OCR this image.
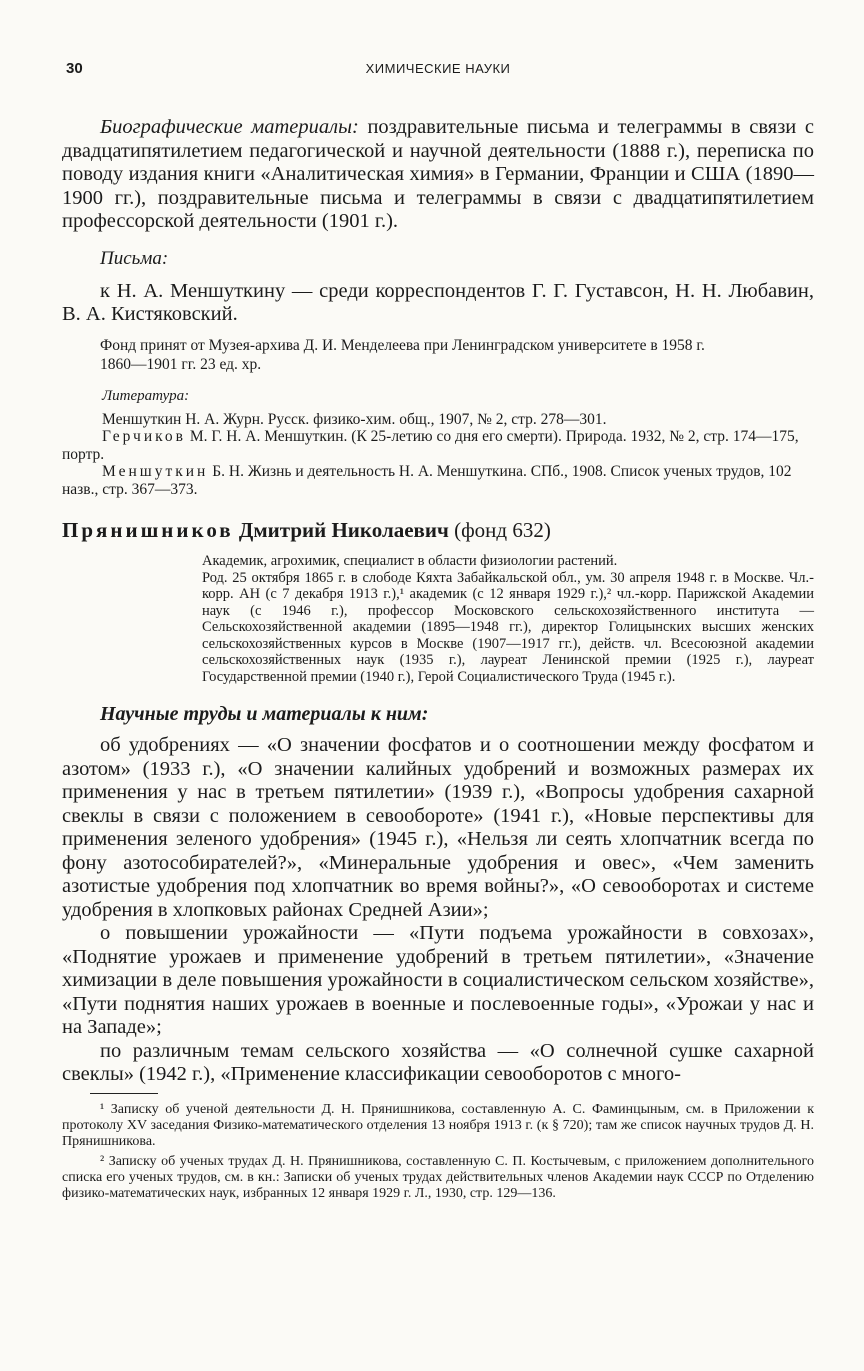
30	ХИМИЧЕСКИЕ НАУКИ

Биографические материалы: поздравительные письма и телеграммы в связи с двадцатипятилетием педагогической и научной деятельности (1888 г.), переписка по поводу издания книги «Аналитическая химия» в Германии, Франции и США (1890—1900 гг.), поздравительные письма и телеграммы в связи с двадцатипятилетием профессорской деятельности (1901 г.).

Письма:

к Н. А. Меншуткину — среди корреспондентов Г. Г. Густавсон, Н. Н. Любавин, В. А. Кистяковский.

Фонд принят от Музея-архива Д. И. Менделеева при Ленинградском университете в 1958 г.

1860—1901 гг. 23 ед. хр.

Литература:

Меншуткин Н. А. Журн. Русск. физико-хим. общ., 1907, № 2, стр. 278—301.

Герчиков М. Г. Н. А. Меншуткин. (К 25-летию со дня его смерти). Природа. 1932, № 2, стр. 174—175, портр.

Меншуткин Б. Н. Жизнь и деятельность Н. А. Меншуткина. СПб., 1908. Список ученых трудов, 102 назв., стр. 367—373.

Прянишников Дмитрий Николаевич (фонд 632)

Академик, агрохимик, специалист в области физиологии растений.

Род. 25 октября 1865 г. в слободе Кяхта Забайкальской обл., ум. 30 апреля 1948 г. в Москве. Чл.-корр. АН (с 7 декабря 1913 г.),¹ академик (с 12 января 1929 г.),² чл.-корр. Парижской Академии наук (с 1946 г.), профессор Московского сельскохозяйственного института — Сельскохозяйственной академии (1895—1948 гг.), директор Голицынских высших женских сельскохозяйственных курсов в Москве (1907—1917 гг.), действ. чл. Всесоюзной академии сельскохозяйственных наук (1935 г.), лауреат Ленинской премии (1925 г.), лауреат Государственной премии (1940 г.), Герой Социалистического Труда (1945 г.).

Научные труды и материалы к ним:

об удобрениях — «О значении фосфатов и о соотношении между фосфатом и азотом» (1933 г.), «О значении калийных удобрений и возможных размерах их применения у нас в третьем пятилетии» (1939 г.), «Вопросы удобрения сахарной свеклы в связи с положением в севообороте» (1941 г.), «Новые перспективы для применения зеленого удобрения» (1945 г.), «Нельзя ли сеять хлопчатник всегда по фону азотособирателей?», «Минеральные удобрения и овес», «Чем заменить азотистые удобрения под хлопчатник во время войны?», «О севооборотах и системе удобрения в хлопковых районах Средней Азии»;

о повышении урожайности — «Пути подъема урожайности в совхозах», «Поднятие урожаев и применение удобрений в третьем пятилетии», «Значение химизации в деле повышения урожайности в социалистическом сельском хозяйстве», «Пути поднятия наших урожаев в военные и послевоенные годы», «Урожаи у нас и на Западе»;

по различным темам сельского хозяйства — «О солнечной сушке сахарной свеклы» (1942 г.), «Применение классификации севооборотов с много-

¹ Записку об ученой деятельности Д. Н. Прянишникова, составленную А. С. Фаминцыным, см. в Приложении к протоколу XV заседания Физико-математического отделения 13 ноября 1913 г. (к § 720); там же список научных трудов Д. Н. Прянишникова.

² Записку об ученых трудах Д. Н. Прянишникова, составленную С. П. Костычевым, с приложением дополнительного списка его ученых трудов, см. в кн.: Записки об ученых трудах действительных членов Академии наук СССР по Отделению физико-математических наук, избранных 12 января 1929 г. Л., 1930, стр. 129—136.
